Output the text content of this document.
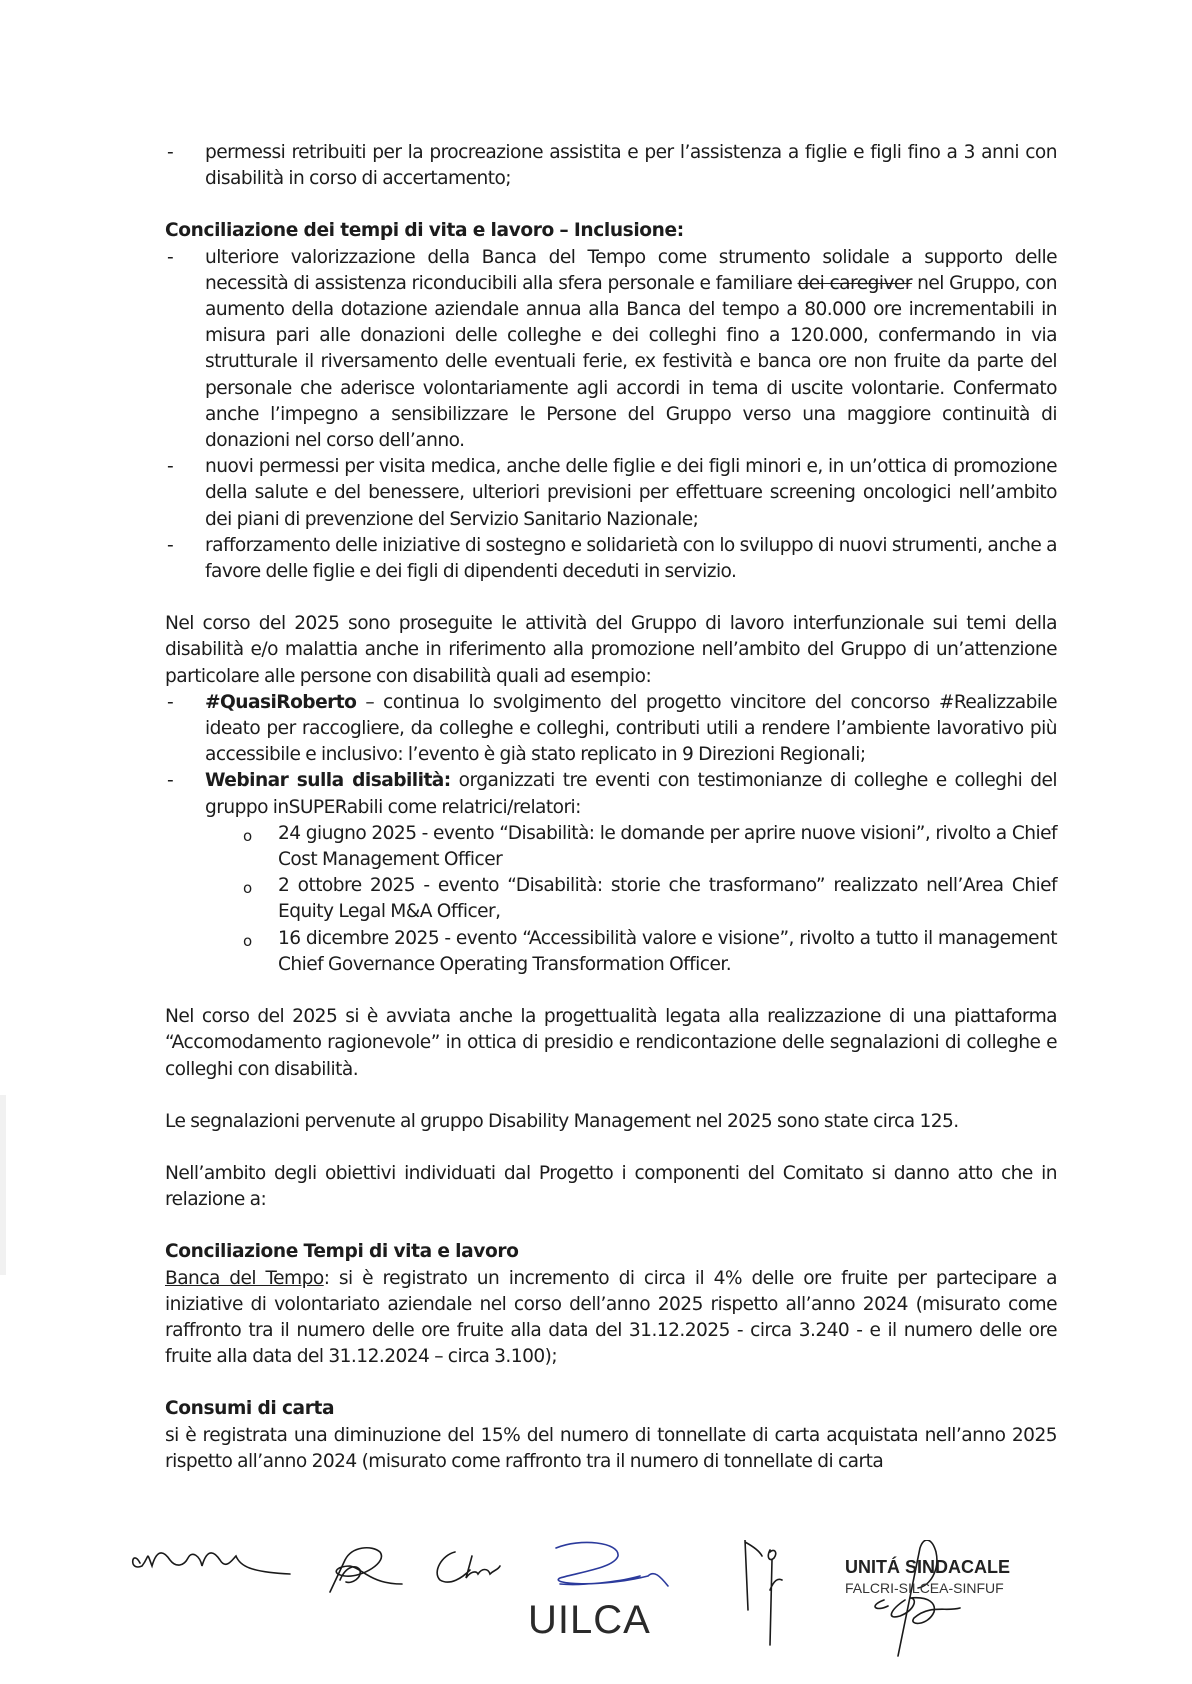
- permessi retribuiti per la procreazione assistita e per l’assistenza a figlie e figli fino a 3 anni con disabilità in corso di accertamento;

Conciliazione dei tempi di vita e lavoro – Inclusione:

- ulteriore valorizzazione della Banca del Tempo come strumento solidale a supporto delle necessità di assistenza riconducibili alla sfera personale e familiare dei caregiver nel Gruppo, con aumento della dotazione aziendale annua alla Banca del tempo a 80.000 ore incrementabili in misura pari alle donazioni delle colleghe e dei colleghi fino a 120.000, confermando in via strutturale il riversamento delle eventuali ferie, ex festività e banca ore non fruite da parte del personale che aderisce volontariamente agli accordi in tema di uscite volontarie. Confermato anche l’impegno a sensibilizzare le Persone del Gruppo verso una maggiore continuità di donazioni nel corso dell’anno.
- nuovi permessi per visita medica, anche delle figlie e dei figli minori e, in un’ottica di promozione della salute e del benessere, ulteriori previsioni per effettuare screening oncologici nell’ambito dei piani di prevenzione del Servizio Sanitario Nazionale;
- rafforzamento delle iniziative di sostegno e solidarietà con lo sviluppo di nuovi strumenti, anche a favore delle figlie e dei figli di dipendenti deceduti in servizio.

Nel corso del 2025 sono proseguite le attività del Gruppo di lavoro interfunzionale sui temi della disabilità e/o malattia anche in riferimento alla promozione nell’ambito del Gruppo di un’attenzione particolare alle persone con disabilità quali ad esempio:

- #QuasiRoberto – continua lo svolgimento del progetto vincitore del concorso #Realizzabile ideato per raccogliere, da colleghe e colleghi, contributi utili a rendere l’ambiente lavorativo più accessibile e inclusivo: l’evento è già stato replicato in 9 Direzioni Regionali;
- Webinar sulla disabilità: organizzati tre eventi con testimonianze di colleghe e colleghi del gruppo inSUPERabili come relatrici/relatori:
o 24 giugno 2025 - evento “Disabilità: le domande per aprire nuove visioni”, rivolto a Chief Cost Management Officer
o 2 ottobre 2025 - evento “Disabilità: storie che trasformano” realizzato nell’Area Chief Equity Legal M&A Officer,
o 16 dicembre 2025 - evento “Accessibilità valore e visione”, rivolto a tutto il management Chief Governance Operating Transformation Officer.

Nel corso del 2025 si è avviata anche la progettualità legata alla realizzazione di una piattaforma “Accomodamento ragionevole” in ottica di presidio e rendicontazione delle segnalazioni di colleghe e colleghi con disabilità.

Le segnalazioni pervenute al gruppo Disability Management nel 2025 sono state circa 125.

Nell’ambito degli obiettivi individuati dal Progetto i componenti del Comitato si danno atto che in relazione a:

Conciliazione Tempi di vita e lavoro

Banca del Tempo: si è registrato un incremento di circa il 4% delle ore fruite per partecipare a iniziative di volontariato aziendale nel corso dell’anno 2025 rispetto all’anno 2024 (misurato come raffronto tra il numero delle ore fruite alla data del 31.12.2025 - circa 3.240 - e il numero delle ore fruite alla data del 31.12.2024 – circa 3.100);

Consumi di carta

si è registrata una diminuzione del 15% del numero di tonnellate di carta acquistata nell’anno 2025 rispetto all’anno 2024 (misurato come raffronto tra il numero di tonnellate di carta

UILCA
UNITÁ SINDACALE
FALCRI-SILCEA-SINFUF
